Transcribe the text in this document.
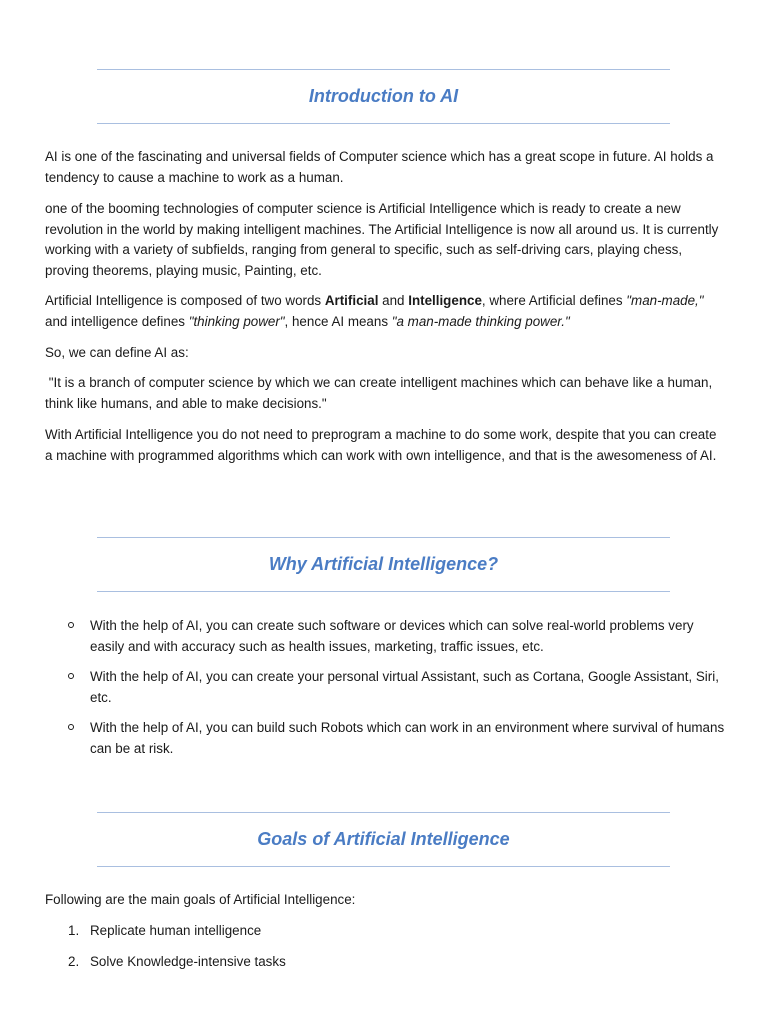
Introduction to AI

AI is one of the fascinating and universal fields of Computer science which has a great scope in future. AI holds a tendency to cause a machine to work as a human.

one of the booming technologies of computer science is Artificial Intelligence which is ready to create a new revolution in the world by making intelligent machines. The Artificial Intelligence is now all around us. It is currently working with a variety of subfields, ranging from general to specific, such as self-driving cars, playing chess, proving theorems, playing music, Painting, etc.

Artificial Intelligence is composed of two words Artificial and Intelligence, where Artificial defines "man-made," and intelligence defines "thinking power", hence AI means "a man-made thinking power."

So, we can define AI as:

"It is a branch of computer science by which we can create intelligent machines which can behave like a human, think like humans, and able to make decisions."

With Artificial Intelligence you do not need to preprogram a machine to do some work, despite that you can create a machine with programmed algorithms which can work with own intelligence, and that is the awesomeness of AI.

Why Artificial Intelligence?
With the help of AI, you can create such software or devices which can solve real-world problems very easily and with accuracy such as health issues, marketing, traffic issues, etc.
With the help of AI, you can create your personal virtual Assistant, such as Cortana, Google Assistant, Siri, etc.
With the help of AI, you can build such Robots which can work in an environment where survival of humans can be at risk.
Goals of Artificial Intelligence

Following are the main goals of Artificial Intelligence:

1. Replicate human intelligence
2. Solve Knowledge-intensive tasks
